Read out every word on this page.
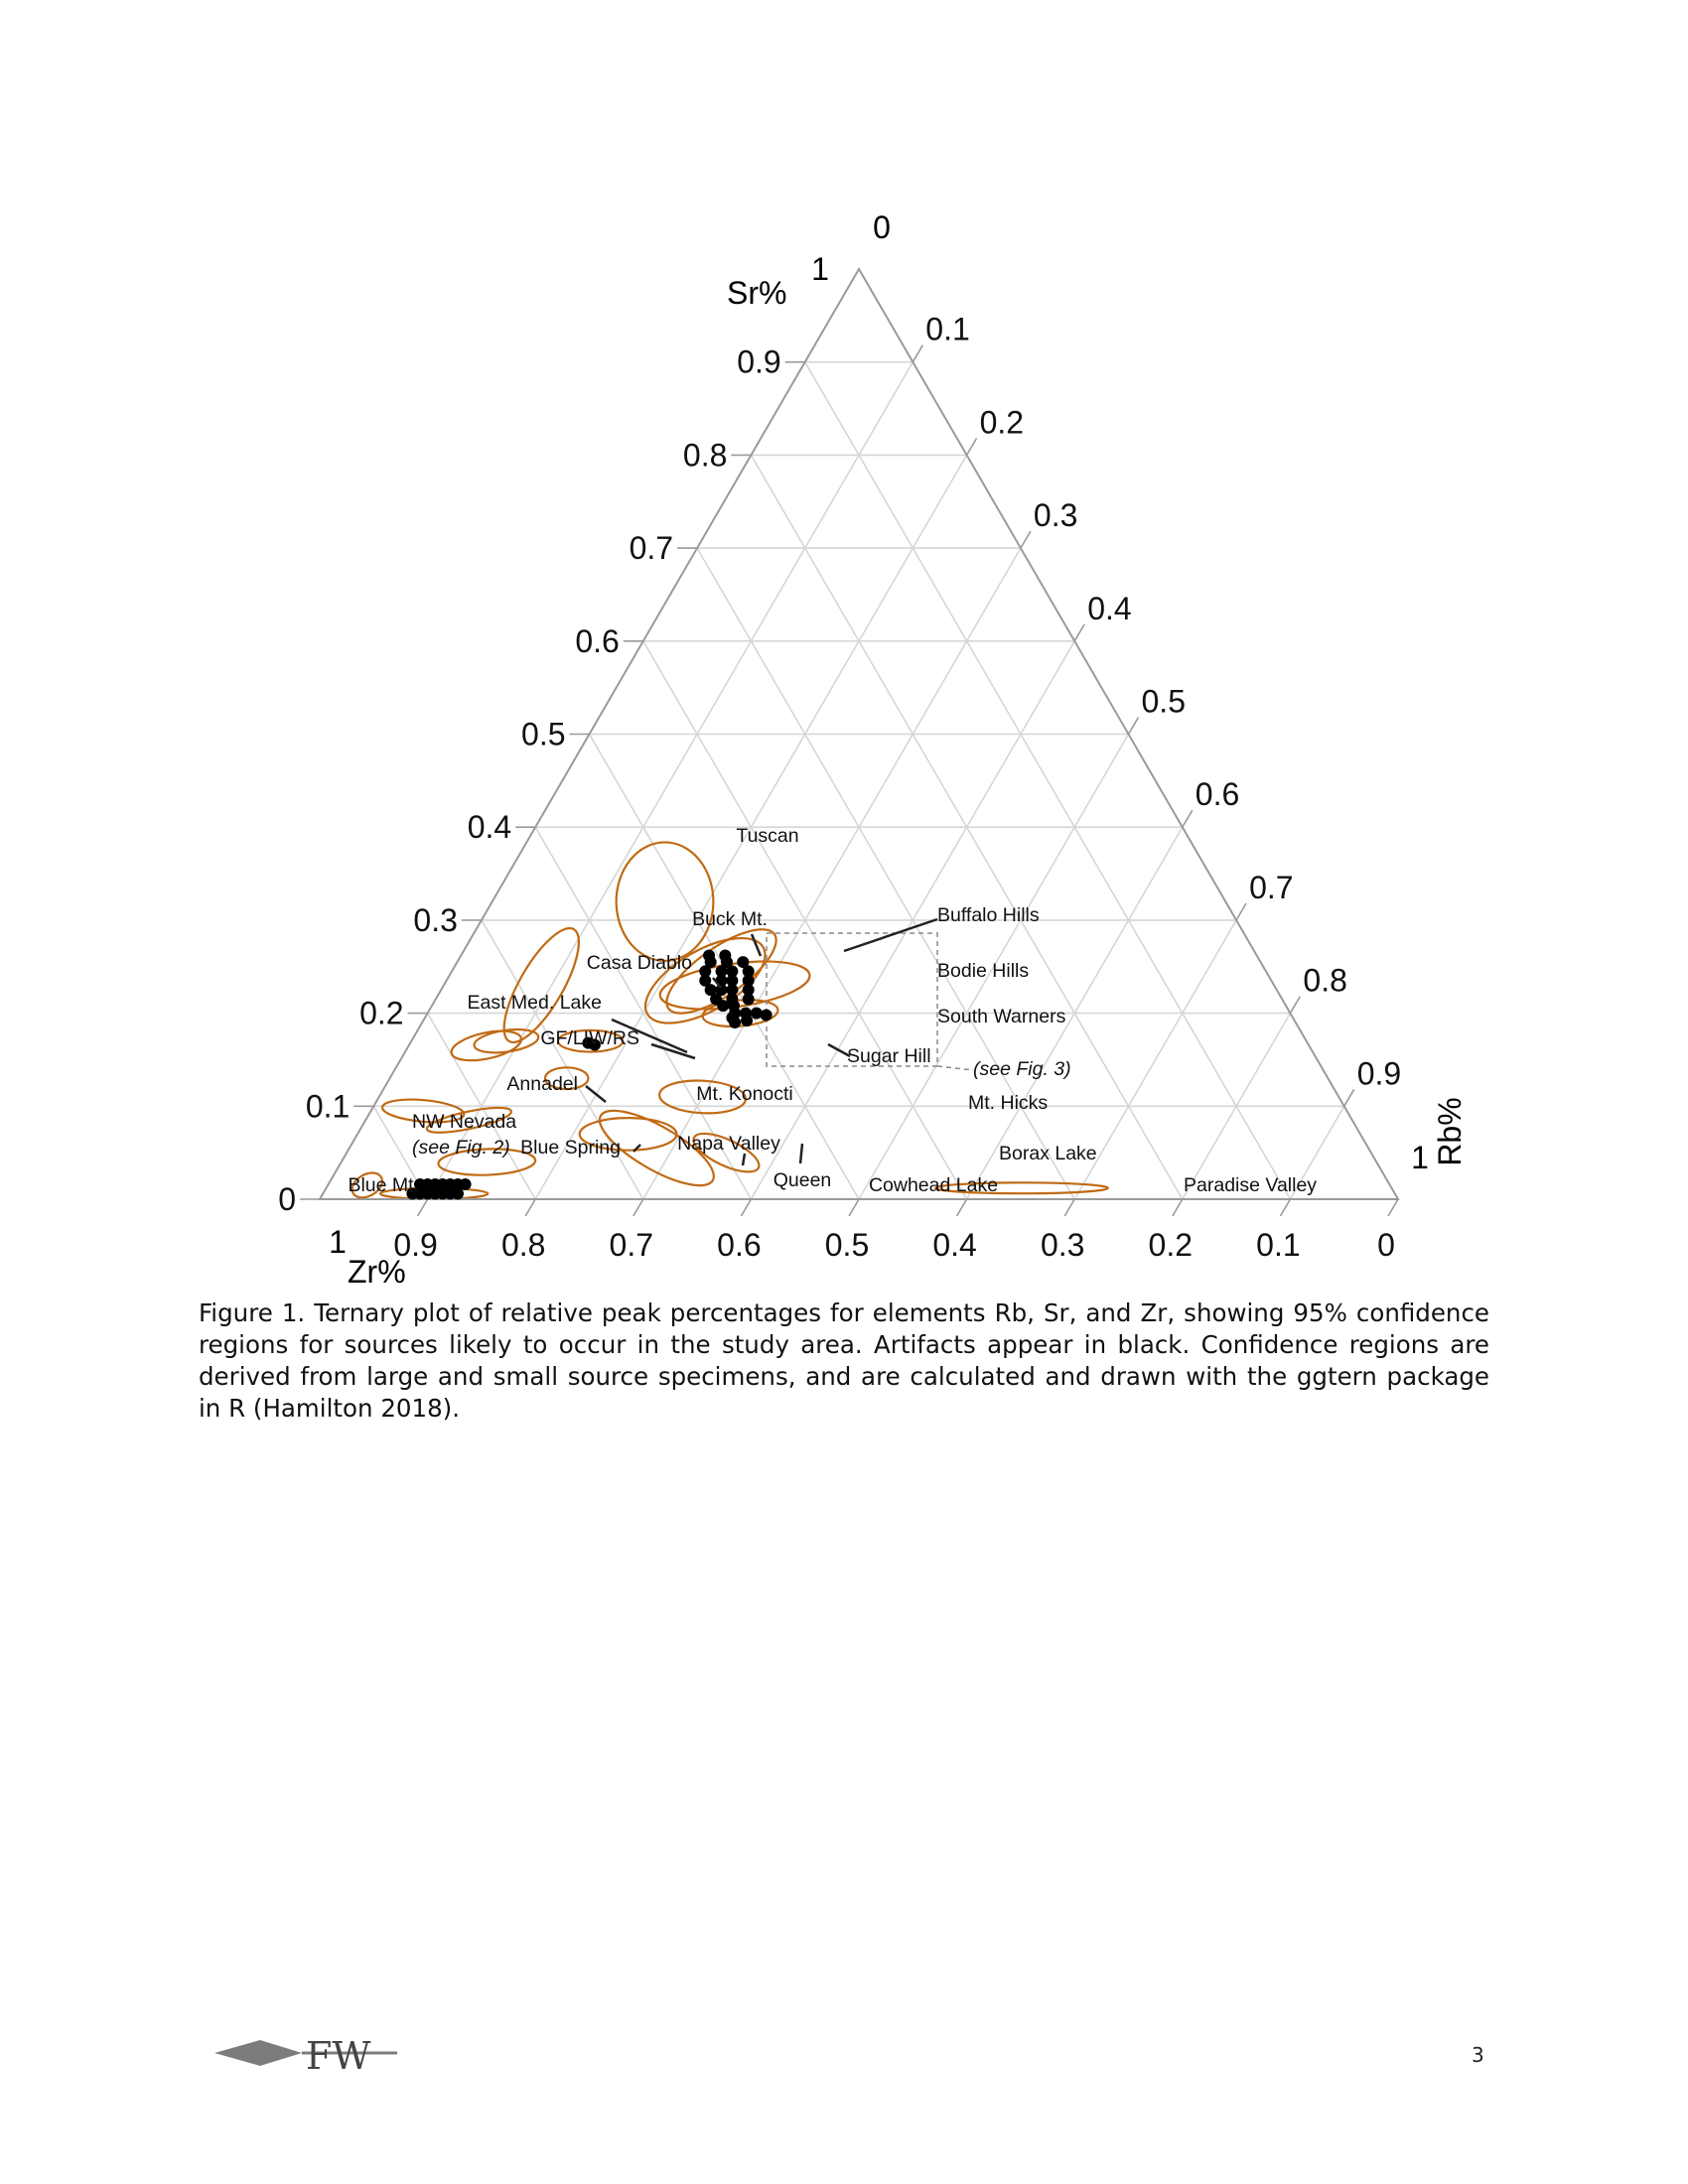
0.9
0.8
0.7
0.6
0.5
0.4
0.3
0.2
0.1
0
0.1
0.2
0.3
0.4
0.5
0.6
0.7
0.8
0.9
0.9 0.8 0.7 0.6 0.5 0.4 0.3 0.2 0.1 0
Sr%
Zr%
Rb%
1
0
1
1
Tuscan
Buck Mt.	Buffalo Hills
Bodie Hills
South Warners
Casa Diablo
East Med. Lake
GF/LIW/RS
Sugar Hill
(see Fig. 3)
Mt. Konocti	Mt. Hicks
Annadel
NW Nevada
(see Fig. 2) Blue Spring	Napa Valley
Queen Cowhead Lake
Borax Lake
Paradise Valley
Blue Mt.

Figure 1. Ternary plot of relative peak percentages for elements Rb, Sr, and Zr, showing 95% confidence regions for sources likely to occur in the study area. Artifacts appear in black. Confidence regions are derived from large and small source specimens, and are calculated and drawn with the ggtern package in R (Hamilton 2018).

FW	3
